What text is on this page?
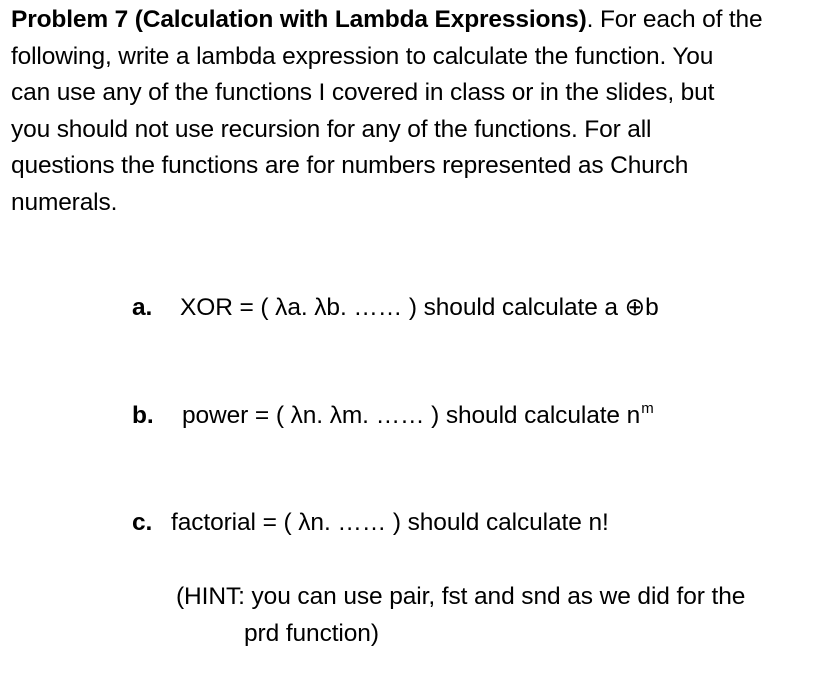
Problem 7 (Calculation with Lambda Expressions). For each of the
following, write a lambda expression to calculate the function. You
can use any of the functions I covered in class or in the slides, but
you should not use recursion for any of the functions. For all
questions the functions are for numbers represented as Church
numerals.
a. XOR = ( λa. λb. …… ) should calculate a ⊕b
b. power = ( λn. λm. …… ) should calculate $n^m$
c. factorial = ( λn. …… ) should calculate n!
(HINT: you can use pair, fst and snd as we did for the
prd function)
